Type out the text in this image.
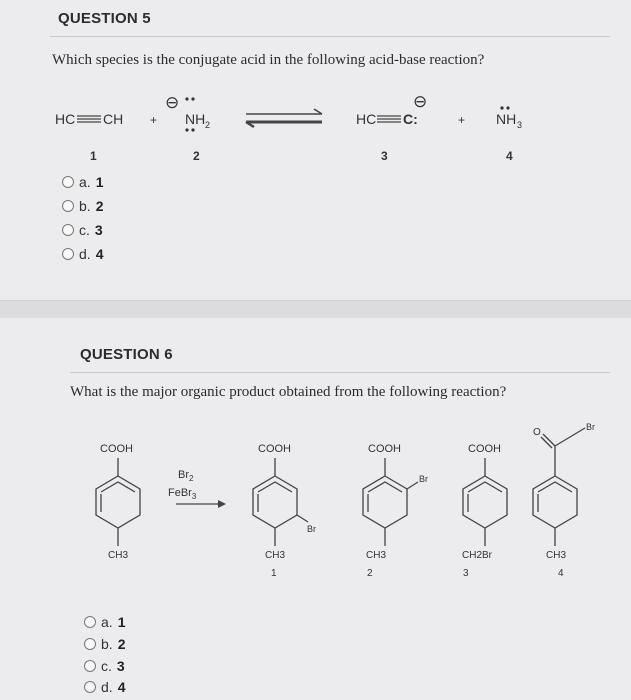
QUESTION 5
Which species is the conjugate acid in the following acid-base reaction?
HC CH +
⊖
NH 2	HC C:
⊖
+ NH 3
1	2	3	4
a. 1
b. 2
c. 3
d. 4
QUESTION 6
What is the major organic product obtained from the following reaction?
COOH
CH3
$Br_2$
FeBr$_3$
COOH
Br
CH3
1
COOH
Br
CH3
2
COOH
CH2Br
3
O	Br
CH3
4
a. 1
b. 2
c. 3
d. 4
